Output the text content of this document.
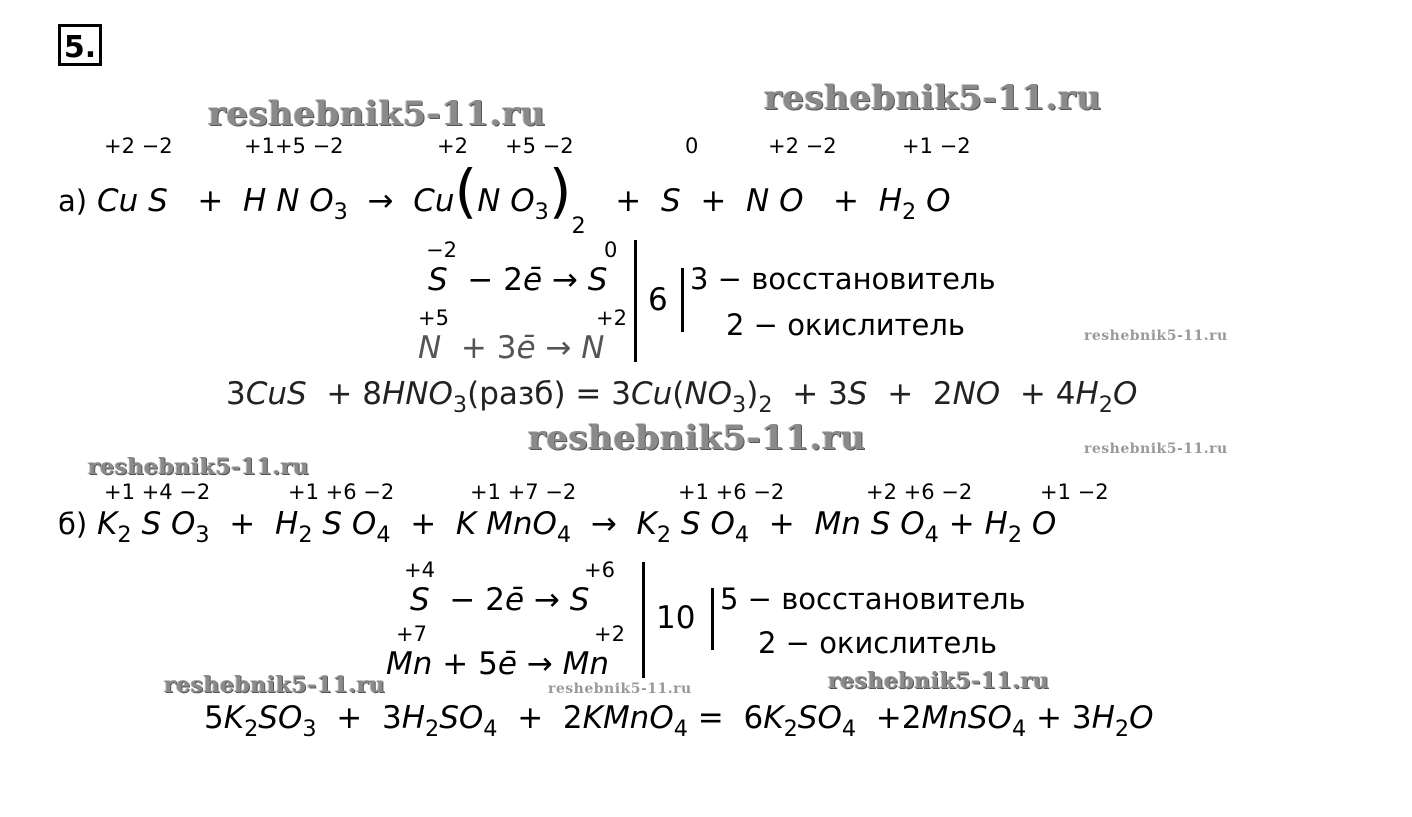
5.
reshebnik5-11.ru	reshebnik5-11.ru
reshebnik5-11.ru
reshebnik5-11.ru
reshebnik5-11.ru	reshebnik5-11.ru
reshebnik5-11.ru
reshebnik5-11.ru
reshebnik5-11.ru
+2 −2	+1+5 −2	+2 +5 −2	0	+2 −2	+1 −2
а) Cu S   +  H N $O_3 \to Cu(N$ $O_3)_2 + S + N$ $O + H_2$ O
−2	0
S  − 2ē → S
+5	+2
N  + 3ē → N
6
3 − восстановитель
2 − окислитель
$3CuS + 8HNO_3(разб) = 3Cu(NO_3)_2 + 3S + 2NO + 4H_2O$
+1 +4 −2	+1 +6 −2	+1 +7 −2	+1 +6 −2	+2 +6 −2	+1 −2
б) $K_2$ S $O_3 + H_2$ S $O_4 + K$ $MnO_4 \to K_2$ S $O_4 + Mn$ S $O_4 + H_2$ O
+4	+6
S  − 2ē → S
+7	+2
Mn + 5ē → Mn
10
5 − восстановитель
2 − окислитель
$5K_2SO_3 + 3H_2SO_4$  +  2KMnO$_4$ =  $6K_2SO_4$  +2MnSO$_4$ + $3H_2O$
